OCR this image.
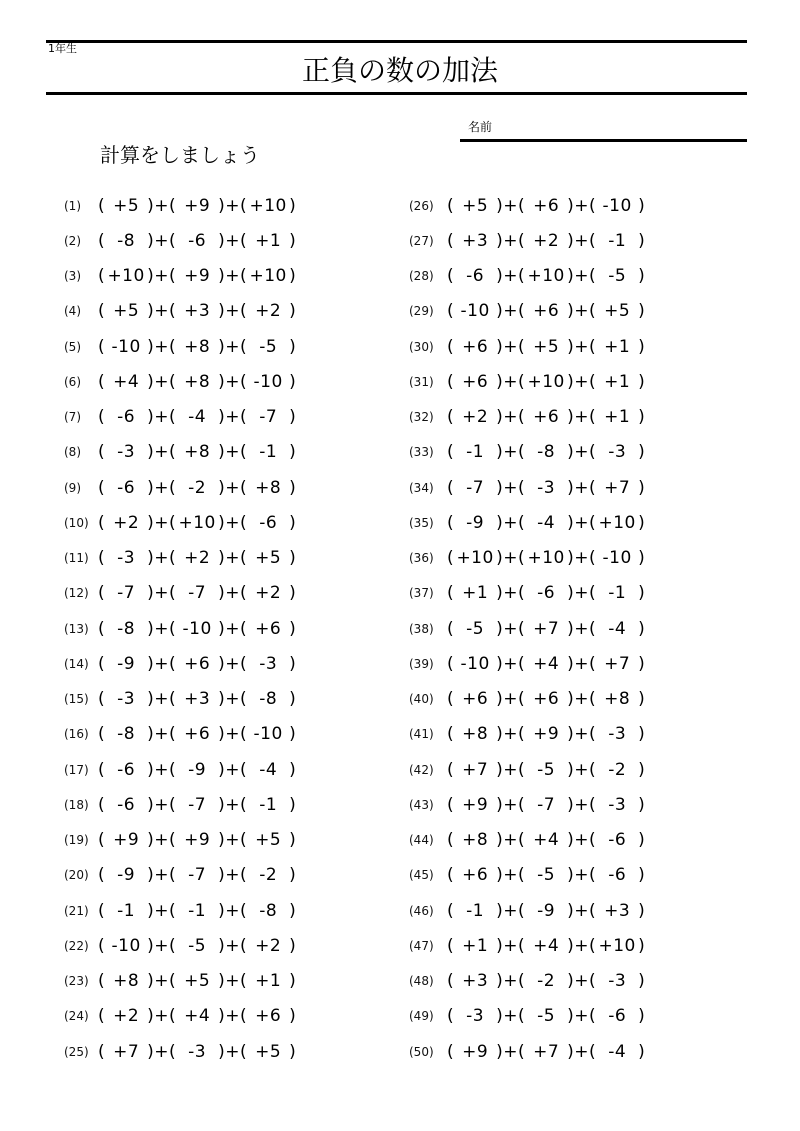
1年生
正負の数の加法
名前
計算をしましょう
(1)	( +5 )+( +9 )+( +10 )
(2)	( -8 )+( -6 )+( +1 )
(3)	( +10 )+( +9 )+( +10 )
(4)	( +5 )+( +3 )+( +2 )
(5)	( -10 )+( +8 )+( -5 )
(6)	( +4 )+( +8 )+( -10 )
(7)	( -6 )+( -4 )+( -7 )
(8)	( -3 )+( +8 )+( -1 )
(9)	( -6 )+( -2 )+( +8 )
(10) ( +2 )+( +10 )+( -6 )
(11) ( -3 )+( +2 )+( +5 )
(12) ( -7 )+( -7 )+( +2 )
(13) ( -8 )+( -10 )+( +6 )
(14) ( -9 )+( +6 )+( -3 )
(15) ( -3 )+( +3 )+( -8 )
(16) ( -8 )+( +6 )+( -10 )
(17) ( -6 )+( -9 )+( -4 )
(18) ( -6 )+( -7 )+( -1 )
(19) ( +9 )+( +9 )+( +5 )
(20) ( -9 )+( -7 )+( -2 )
(21) ( -1 )+( -1 )+( -8 )
(22) ( -10 )+( -5 )+( +2 )
(23) ( +8 )+( +5 )+( +1 )
(24) ( +2 )+( +4 )+( +6 )
(25) ( +7 )+( -3 )+( +5 )
(26) ( +5 )+( +6 )+( -10 )
(27) ( +3 )+( +2 )+( -1 )
(28) ( -6 )+( +10 )+( -5 )
(29) ( -10 )+( +6 )+( +5 )
(30) ( +6 )+( +5 )+( +1 )
(31) ( +6 )+( +10 )+( +1 )
(32) ( +2 )+( +6 )+( +1 )
(33) ( -1 )+( -8 )+( -3 )
(34) ( -7 )+( -3 )+( +7 )
(35) ( -9 )+( -4 )+( +10 )
(36) ( +10 )+( +10 )+( -10 )
(37) ( +1 )+( -6 )+( -1 )
(38) ( -5 )+( +7 )+( -4 )
(39) ( -10 )+( +4 )+( +7 )
(40) ( +6 )+( +6 )+( +8 )
(41) ( +8 )+( +9 )+( -3 )
(42) ( +7 )+( -5 )+( -2 )
(43) ( +9 )+( -7 )+( -3 )
(44) ( +8 )+( +4 )+( -6 )
(45) ( +6 )+( -5 )+( -6 )
(46) ( -1 )+( -9 )+( +3 )
(47) ( +1 )+( +4 )+( +10 )
(48) ( +3 )+( -2 )+( -3 )
(49) ( -3 )+( -5 )+( -6 )
(50) ( +9 )+( +7 )+( -4 )
